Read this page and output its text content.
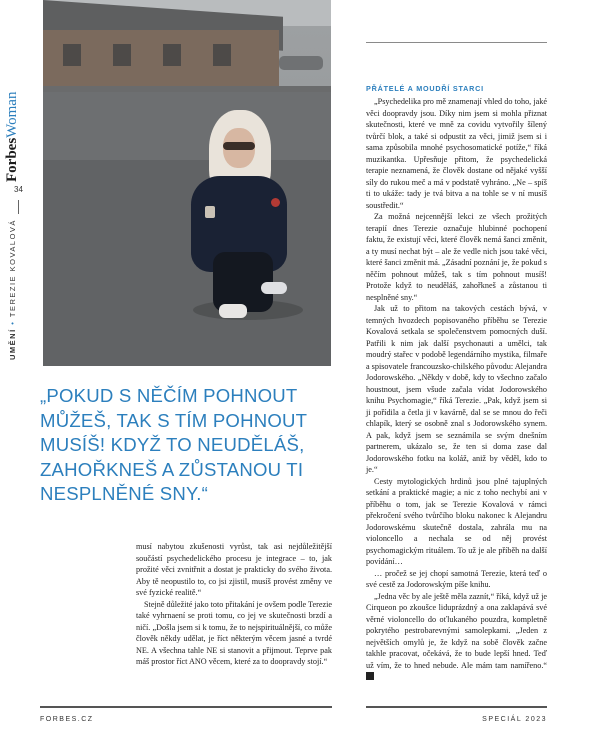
ForbesWoman
34
UMĚNÍ • TEREZIE KOVALOVÁ
„POKUD S NĚČÍM POHNOUT MŮŽEŠ, TAK S TÍM POHNOUT MUSÍŠ! KDYŽ TO NEUDĚLÁŠ, ZAHOŘKNEŠ A ZŮSTANOU TI NESPLNĚNÉ SNY.“

musí nabytou zkušenosti vyrůst, tak asi nejdůležitější součástí psychedelického procesu je integrace – to, jak prožité věci zvnitřnit a dostat je prakticky do svého života. Aby tě neopustilo to, co jsi zjistil, musíš provést změny ve své fyzické realitě.“

Stejně důležité jako toto přitakání je ovšem podle Terezie také vyhrnaení se proti tomu, co jej ve skutečnosti brzdí a ničí. „Došla jsem si k tomu, že to nejspirituálnější, co může člověk někdy udělat, je říct některým věcem jasné a tvrdé NE. A všechna tahle NE si stanovit a přijmout. Teprve pak máš prostor říct ANO věcem, které za to doopravdy stojí.“

PŘÁTELÉ A MOUDŘÍ STARCI

„Psychedelika pro mě znamenají vhled do toho, jaké věci doopravdy jsou. Díky nim jsem si mohla přiznat skutečnosti, které ve mně za covidu vytvořily šílený tvůrčí blok, a také si odpustit za věci, jimiž jsem si i sama způsobila mnohé psychosomatické potíže,“ říká muzikantka. Upřesňuje přitom, že psychedelická terapie neznamená, že člověk dostane od nějaké vyšší síly do rukou meč a má v podstatě vyhráno. „Ne – spíš ti to ukáže: tady je tvá bitva a na tohle se v ní musíš soustředit.“

Za možná nejcennější lekci ze všech prožitých terapií dnes Terezie označuje hlubinné pochopení faktu, že existují věci, které člověk nemá šanci změnit, a ty musí nechat být – ale že vedle nich jsou také věci, které šanci změnit má. „Zásadní poznání je, že pokud s něčím pohnout můžeš, tak s tím pohnout musíš! Protože když to neuděláš, zahořkneš a zůstanou ti nesplněné sny.“

Jak už to přitom na takových cestách bývá, v temných hvozdech popisovaného příběhu se Terezie Kovalová setkala se společenstvem pomocných duší. Patřili k nim jak další psychonauti a umělci, tak moudrý stařec v podobě legendárního mystika, filmaře a spisovatele francouzsko-chilského původu: Alejandra Jodorowského. „Někdy v době, kdy to všechno začalo houstnout, jsem všude začala vídat Jodorowského knihu Psychomagie,“ říká Terezie. „Pak, když jsem si ji pořídila a četla ji v kavárně, dal se se mnou do řeči chlapík, který se osobně znal s Jodorowského synem. A pak, když jsem se seznámila se svým dnešním partnerem, ukázalo se, že ten si doma zase dal Jodorowského fotku na koláž, aniž by věděl, kdo to je.“

Cesty mytologických hrdinů jsou plné tajuplných setkání a praktické magie; a nic z toho nechybí ani v příběhu o tom, jak se Terezie Kovalová v rámci překročení svého tvůrčího bloku nakonec k Alejandru Jodorowskému skutečně dostala, zahrála mu na violoncello a nechala se od něj provést psychomagickým rituálem. To už je ale příběh na další povídání…

… pročež se jej chopí samotná Terezie, která teď o své cestě za Jodorowským píše knihu.

„Jedna věc by ale ještě měla zaznít,“ říká, když už je Cirqueon po zkoušce liduprázdný a ona zaklapává své věrné violoncello do oťlukaného pouzdra, kompletně pokrytého pestrobarevnými samolepkami. „Jeden z největších omylů je, že když na sobě člověk začne takhle pracovat, očekává, že to bude lepší hned. Teď už vím, že to hned nebude. Ale mám tam namířeno.“

FORBES.CZ	SPECIÁL 2023
